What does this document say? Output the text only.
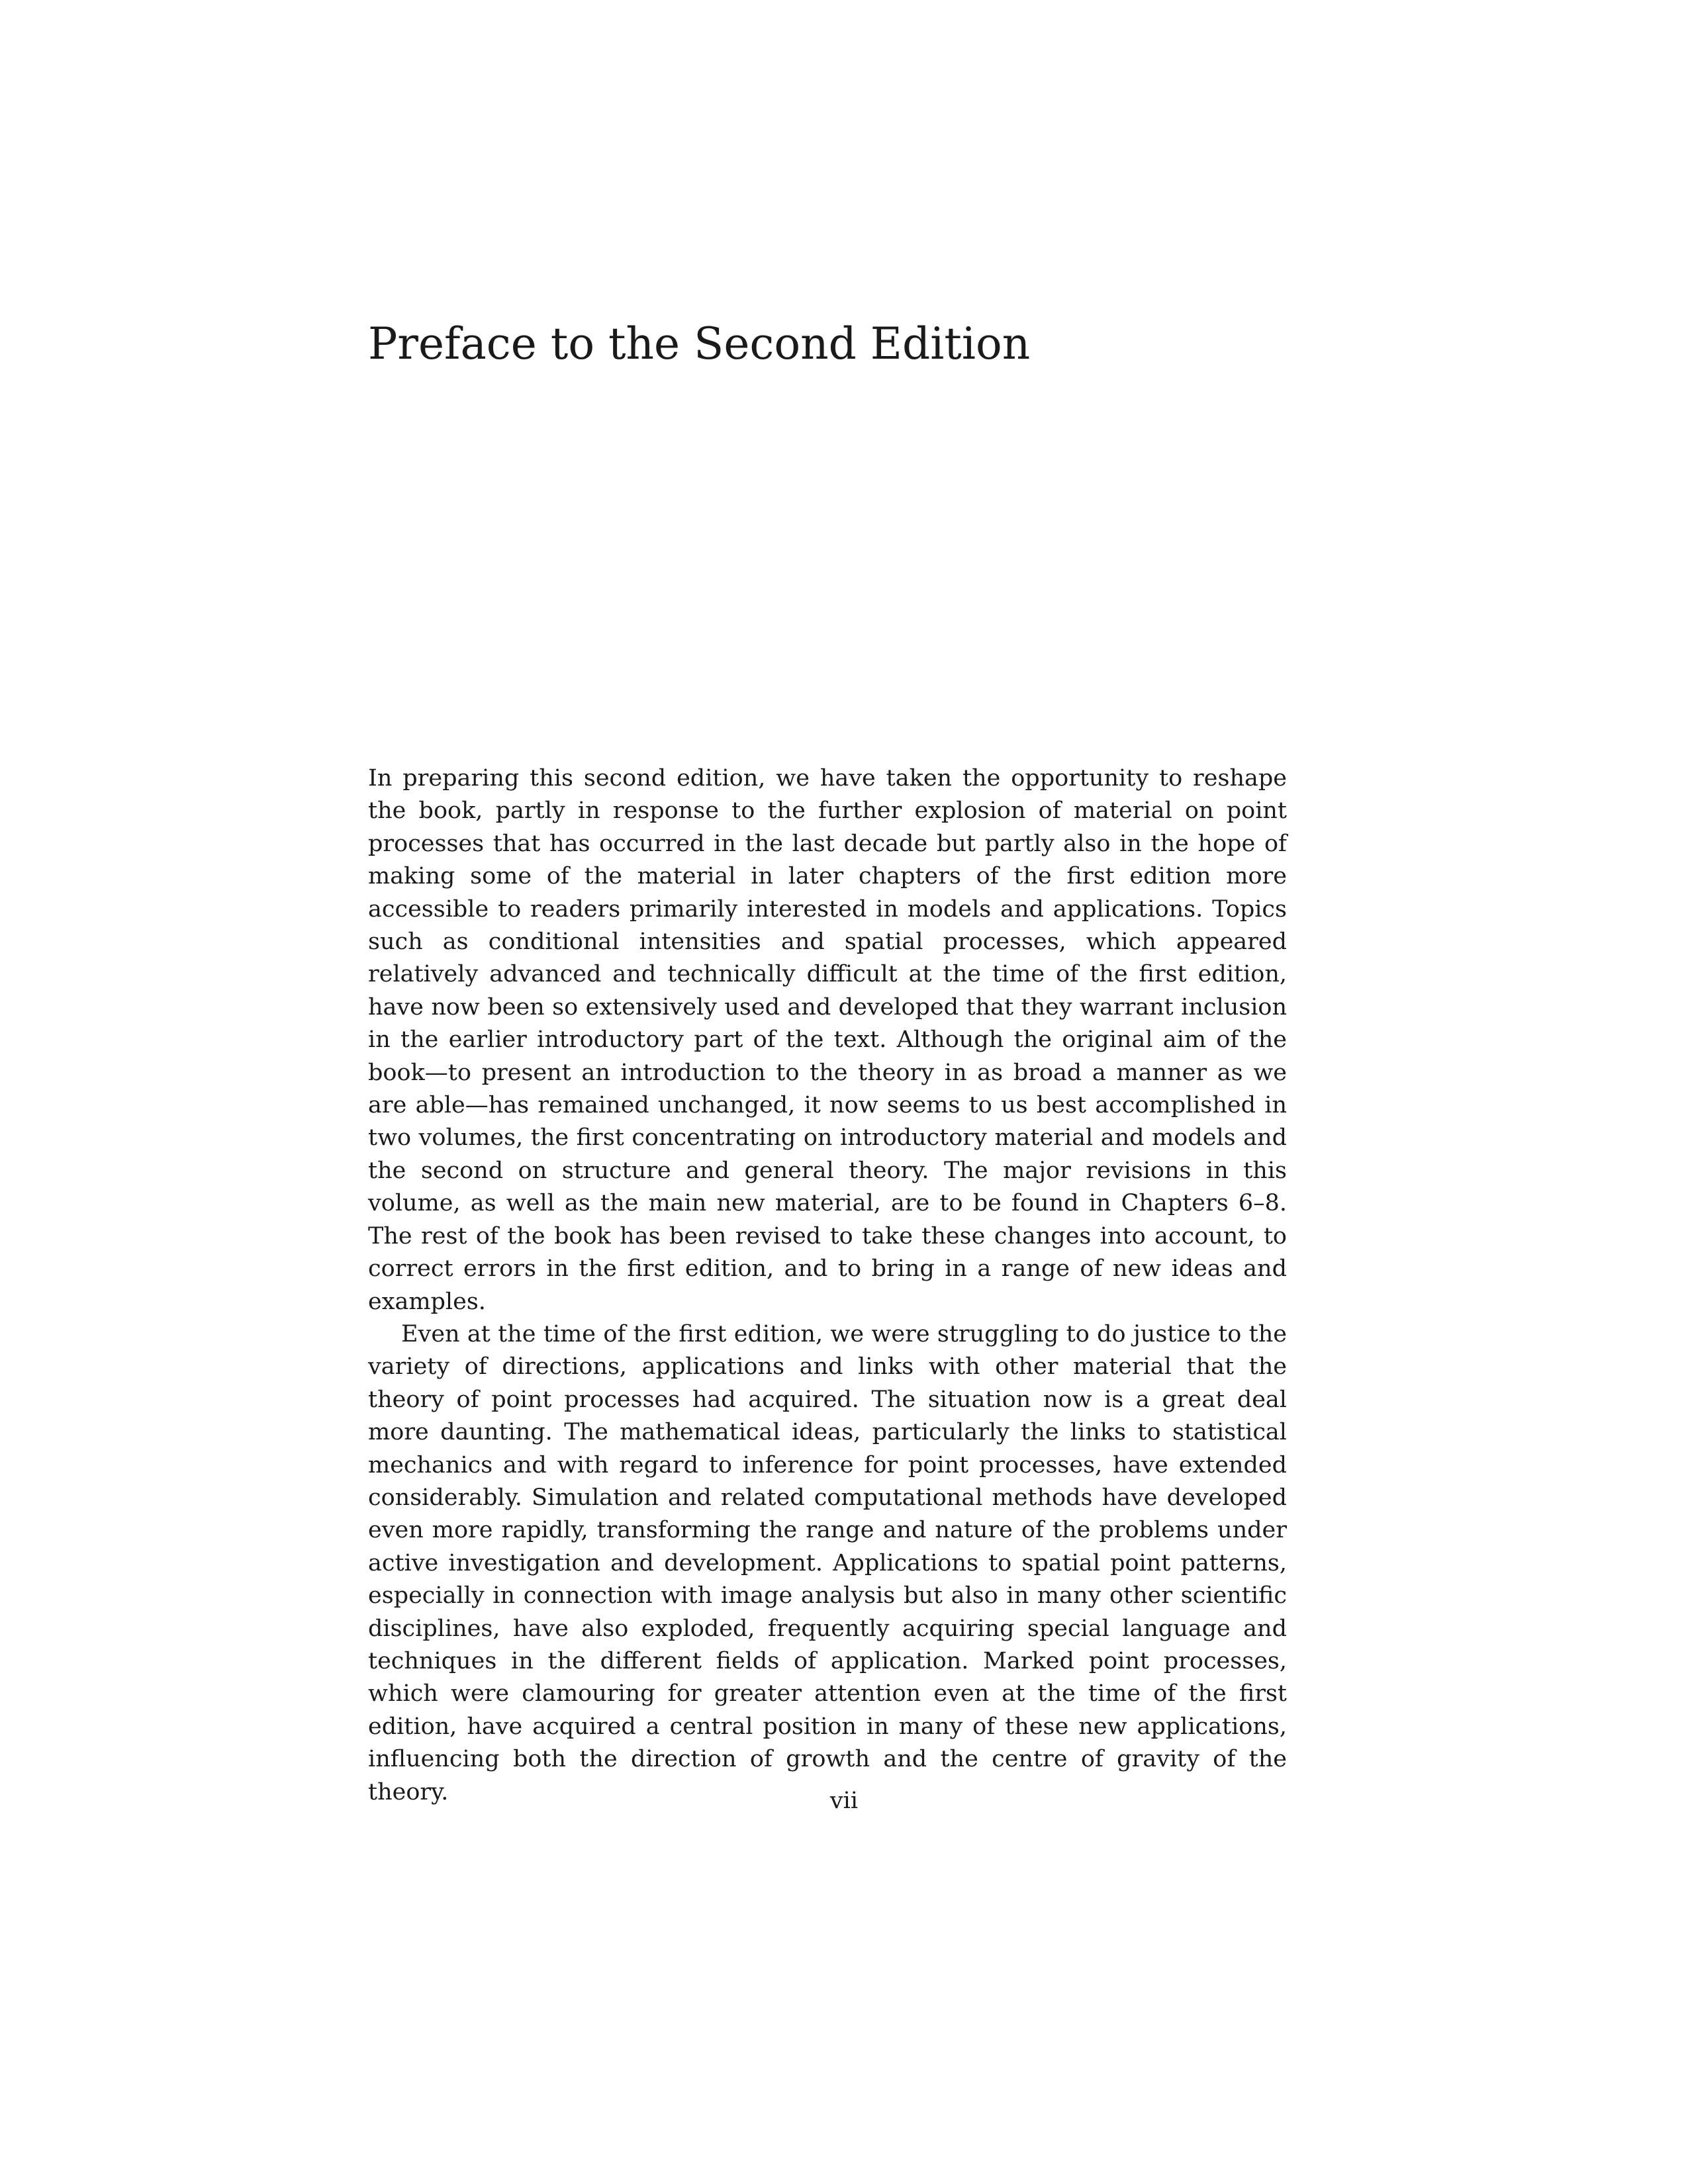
Preface to the Second Edition

In preparing this second edition, we have taken the opportunity to reshape the book, partly in response to the further explosion of material on point processes that has occurred in the last decade but partly also in the hope of making some of the material in later chapters of the first edition more accessible to readers primarily interested in models and applications. Topics such as conditional intensities and spatial processes, which appeared relatively advanced and technically difficult at the time of the first edition, have now been so extensively used and developed that they warrant inclusion in the earlier introductory part of the text. Although the original aim of the book—to present an introduction to the theory in as broad a manner as we are able—has remained unchanged, it now seems to us best accomplished in two volumes, the first concentrating on introductory material and models and the second on structure and general theory. The major revisions in this volume, as well as the main new material, are to be found in Chapters 6–8. The rest of the book has been revised to take these changes into account, to correct errors in the first edition, and to bring in a range of new ideas and examples.

Even at the time of the first edition, we were struggling to do justice to the variety of directions, applications and links with other material that the theory of point processes had acquired. The situation now is a great deal more daunting. The mathematical ideas, particularly the links to statistical mechanics and with regard to inference for point processes, have extended considerably. Simulation and related computational methods have developed even more rapidly, transforming the range and nature of the problems under active investigation and development. Applications to spatial point patterns, especially in connection with image analysis but also in many other scientific disciplines, have also exploded, frequently acquiring special language and techniques in the different fields of application. Marked point processes, which were clamouring for greater attention even at the time of the first edition, have acquired a central position in many of these new applications, influencing both the direction of growth and the centre of gravity of the theory.	vii
